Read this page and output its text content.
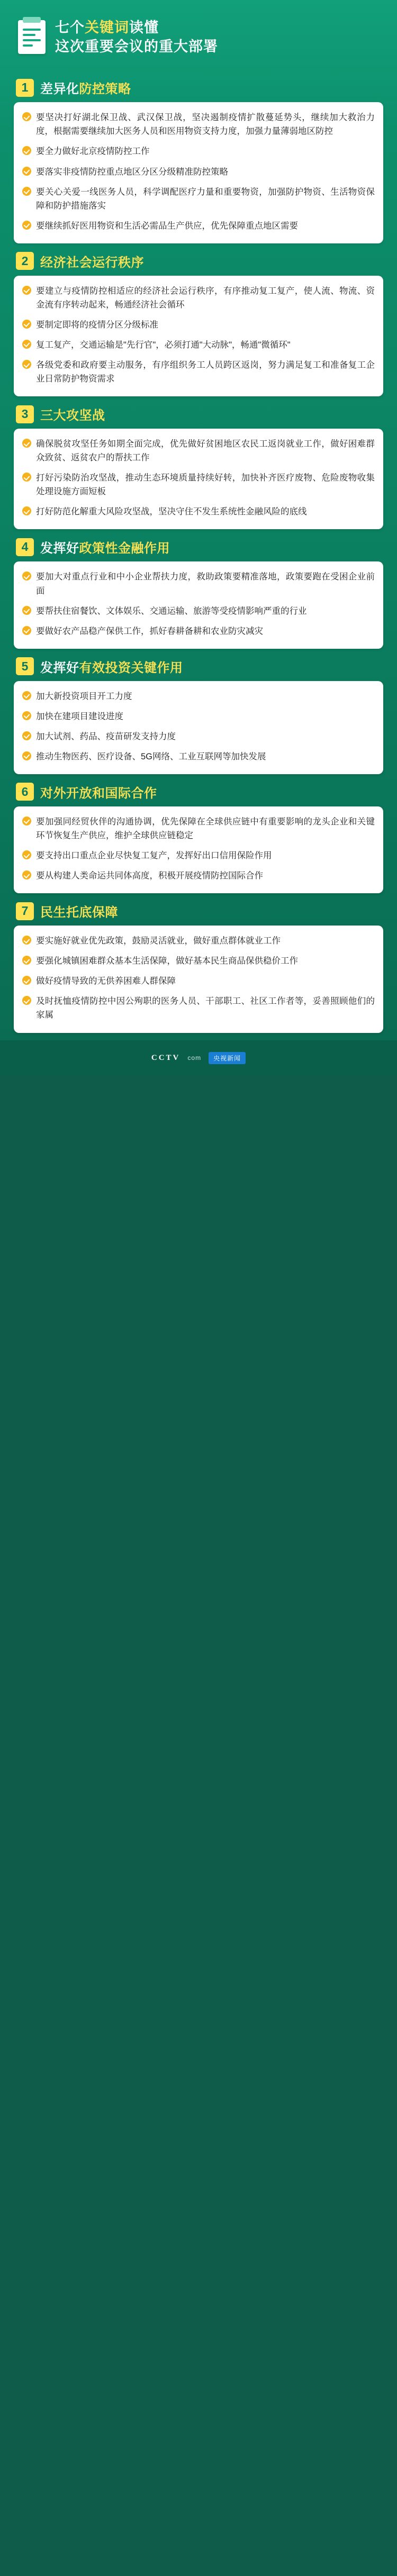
七个关键词读懂
这次重要会议的重大部署
1 差异化防控策略

要坚决打好湖北保卫战、武汉保卫战，坚决遏制疫情扩散蔓延势头，继续加大救治力度，根据需要继续加大医务人员和医用物资支持力度，加强力量薄弱地区防控

要全力做好北京疫情防控工作

要落实非疫情防控重点地区分区分级精准防控策略

要关心关爱一线医务人员，科学调配医疗力量和重要物资，加强防护物资、生活物资保障和防护措施落实

要继续抓好医用物资和生活必需品生产供应，优先保障重点地区需要

2 经济社会运行秩序

要建立与疫情防控相适应的经济社会运行秩序，有序推动复工复产，使人流、物流、资金流有序转动起来，畅通经济社会循环

要制定即将的疫情分区分级标准

复工复产，交通运输是"先行官"，必须打通"大动脉"，畅通"微循环"

各级党委和政府要主动服务，有序组织务工人员跨区返岗，努力满足复工和准备复工企业日常防护物资需求

3 三大攻坚战

确保脱贫攻坚任务如期全面完成，优先做好贫困地区农民工返岗就业工作，做好困难群众致贫、返贫农户的帮扶工作

打好污染防治攻坚战，推动生态环境质量持续好转，加快补齐医疗废物、危险废物收集处理设施方面短板

打好防范化解重大风险攻坚战，坚决守住不发生系统性金融风险的底线

4 发挥好政策性金融作用

要加大对重点行业和中小企业帮扶力度，救助政策要精准落地，政策要跑在受困企业前面

要帮扶住宿餐饮、文体娱乐、交通运输、旅游等受疫情影响严重的行业

要做好农产品稳产保供工作，抓好春耕备耕和农业防灾减灾

5 发挥好有效投资关键作用

加大新投资项目开工力度

加快在建项目建设进度

加大试剂、药品、疫苗研发支持力度

推动生物医药、医疗设备、5G网络、工业互联网等加快发展

6 对外开放和国际合作

要加强同经贸伙伴的沟通协调，优先保障在全球供应链中有重要影响的龙头企业和关键环节恢复生产供应，维护全球供应链稳定

要支持出口重点企业尽快复工复产，发挥好出口信用保险作用

要从构建人类命运共同体高度，积极开展疫情防控国际合作

7 民生托底保障

要实施好就业优先政策，鼓励灵活就业，做好重点群体就业工作

要强化城镇困难群众基本生活保障，做好基本民生商品保供稳价工作

做好疫情导致的无供养困难人群保障

及时抚恤疫情防控中因公殉职的医务人员、干部职工、社区工作者等，妥善照顾他们的家属

CCTV com	央视新闻
